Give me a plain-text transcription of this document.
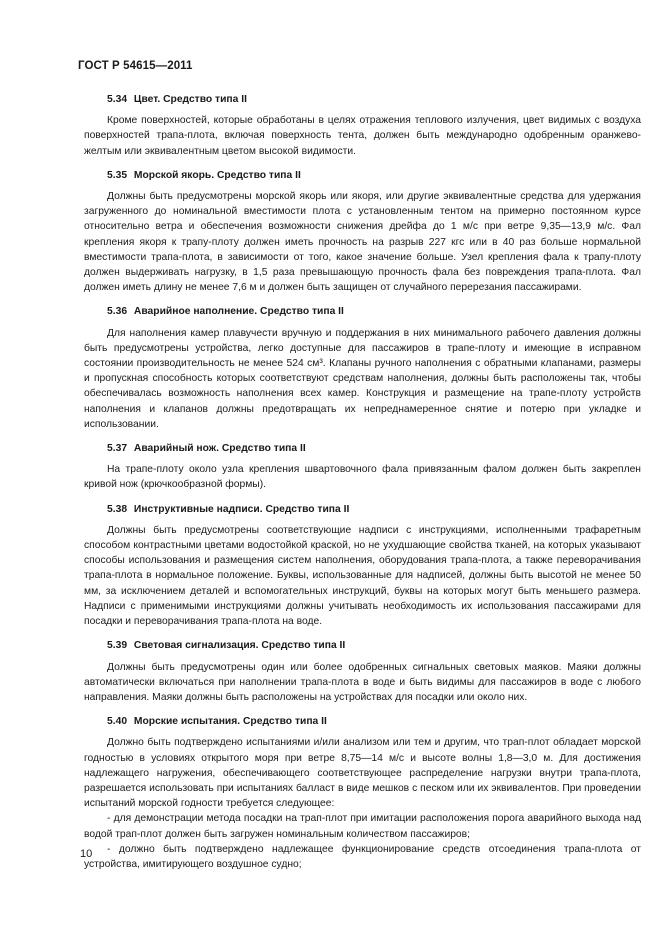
ГОСТ Р 54615—2011
5.34 Цвет. Средство типа II

Кроме поверхностей, которые обработаны в целях отражения теплового излучения, цвет видимых с воздуха поверхностей трапа-плота, включая поверхность тента, должен быть международно одобренным оранжево-желтым или эквивалентным цветом высокой видимости.

5.35 Морской якорь. Средство типа II

Должны быть предусмотрены морской якорь или якоря, или другие эквивалентные средства для удержания загруженного до номинальной вместимости плота с установленным тентом на примерно постоянном курсе относительно ветра и обеспечения возможности снижения дрейфа до 1 м/с при ветре 9,35—13,9 м/с. Фал крепления якоря к трапу-плоту должен иметь прочность на разрыв 227 кгс или в 40 раз больше нормальной вместимости трапа-плота, в зависимости от того, какое значение больше. Узел крепления фала к трапу-плоту должен выдерживать нагрузку, в 1,5 раза превышающую прочность фала без повреждения трапа-плота. Фал должен иметь длину не менее 7,6 м и должен быть защищен от случайного перерезания пассажирами.

5.36 Аварийное наполнение. Средство типа II

Для наполнения камер плавучести вручную и поддержания в них минимального рабочего давления должны быть предусмотрены устройства, легко доступные для пассажиров в трапе-плоту и имеющие в исправном состоянии производительность не менее 524 см³. Клапаны ручного наполнения с обратными клапанами, размеры и пропускная способность которых соответствуют средствам наполнения, должны быть расположены так, чтобы обеспечивалась возможность наполнения всех камер. Конструкция и размещение на трапе-плоту устройств наполнения и клапанов должны предотвращать их непреднамеренное снятие и потерю при укладке и использовании.

5.37 Аварийный нож. Средство типа II

На трапе-плоту около узла крепления швартовочного фала привязанным фалом должен быть закреплен кривой нож (крючкообразной формы).

5.38 Инструктивные надписи. Средство типа II

Должны быть предусмотрены соответствующие надписи с инструкциями, исполненными трафаретным способом контрастными цветами водостойкой краской, но не ухудшающие свойства тканей, на которых указывают способы использования и размещения систем наполнения, оборудования трапа-плота, а также переворачивания трапа-плота в нормальное положение. Буквы, использованные для надписей, должны быть высотой не менее 50 мм, за исключением деталей и вспомогательных инструкций, буквы на которых могут быть меньшего размера. Надписи с применимыми инструкциями должны учитывать необходимость их использования пассажирами для посадки и переворачивания трапа-плота на воде.

5.39 Световая сигнализация. Средство типа II

Должны быть предусмотрены один или более одобренных сигнальных световых маяков. Маяки должны автоматически включаться при наполнении трапа-плота в воде и быть видимы для пассажиров в воде с любого направления. Маяки должны быть расположены на устройствах для посадки или около них.

5.40 Морские испытания. Средство типа II

Должно быть подтверждено испытаниями и/или анализом или тем и другим, что трап-плот обладает морской годностью в условиях открытого моря при ветре 8,75—14 м/с и высоте волны 1,8—3,0 м. Для достижения надлежащего нагружения, обеспечивающего соответствующее распределение нагрузки внутри трапа-плота, разрешается использовать при испытаниях балласт в виде мешков с песком или их эквивалентов. При проведении испытаний морской годности требуется следующее:

- для демонстрации метода посадки на трап-плот при имитации расположения порога аварийного выхода над водой трап-плот должен быть загружен номинальным количеством пассажиров;

- должно быть подтверждено надлежащее функционирование средств отсоединения трапа-плота от устройства, имитирующего воздушное судно;

10
